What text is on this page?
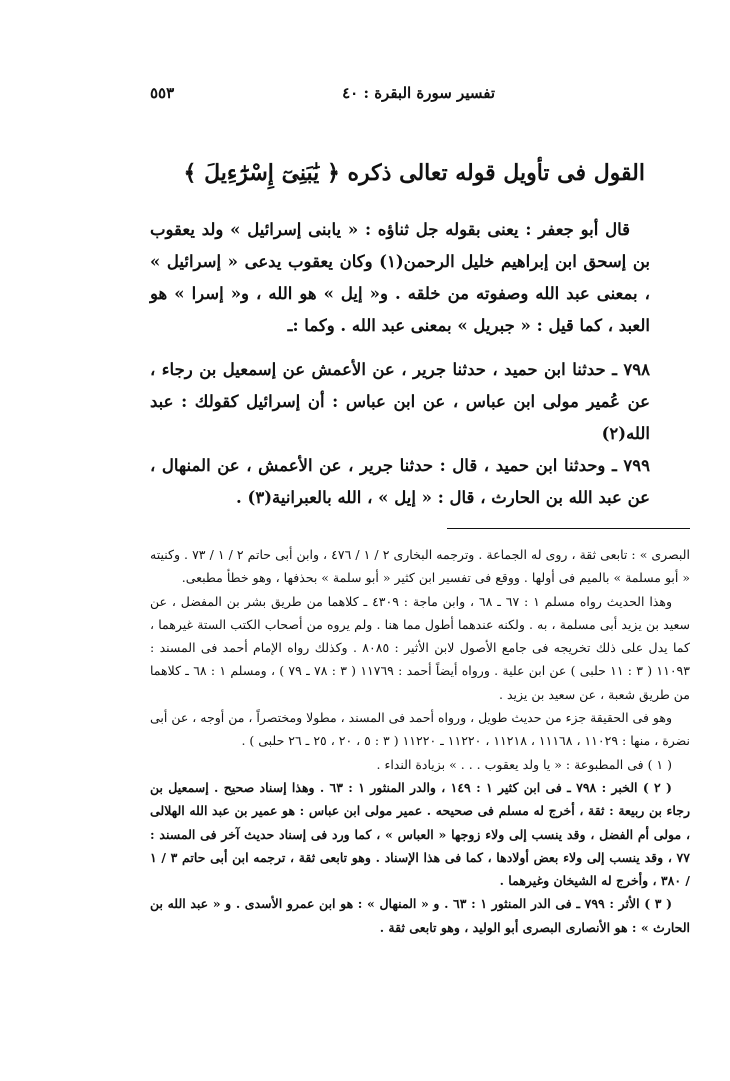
تفسير سورة البقرة : ٤٠
٥٥٣
القول فى تأويل قوله تعالى ذكره ﴿ يَٰبَنِىٓ إِسْرَٰٓءِيلَ ﴾

قال أبو جعفر : يعنى بقوله جل ثناؤه : « يابنى إسرائيل » ولد يعقوب بن إسحق ابن إبراهيم خليل الرحمن(١) وكان يعقوب يدعى « إسرائيل » ، بمعنى عبد الله وصفوته من خلقه . و« إيل » هو الله ، و« إسرا » هو العبد ، كما قيل : « جبريل » بمعنى عبد الله . وكما :ـ

٧٩٨ ـ حدثنا ابن حميد ، حدثنا جرير ، عن الأعمش عن إسمعيل بن رجاء ، عن عُمير مولى ابن عباس ، عن ابن عباس : أن إسرائيل كقولك : عبد الله(٢)

٧٩٩ ـ وحدثنا ابن حميد ، قال : حدثنا جرير ، عن الأعمش ، عن المنهال ، عن عبد الله بن الحارث ، قال : « إيل » ، الله بالعبرانية(٣) .

البصرى » : تابعى ثقة ، روى له الجماعة . وترجمه البخارى ٢ / ١ / ٤٧٦ ، وابن أبى حاتم ٢ / ١ / ٧٣ . وكنيته « أبو مسلمة » بالميم فى أولها . ووقع فى تفسير ابن كثير « أبو سلمة » بحذفها ، وهو خطأ مطبعى.

وهذا الحديث رواه مسلم ١ : ٦٧ ـ ٦٨ ، وابن ماجة : ٤٣٠٩ ـ كلاهما من طريق بشر بن المفضل ، عن سعيد بن يزيد أبى مسلمة ، به . ولكنه عندهما أطول مما هنا . ولم يروه من أصحاب الكتب الستة غيرهما ، كما يدل على ذلك تخريجه فى جامع الأصول لابن الأثير : ٨٠٨٥ . وكذلك رواه الإمام أحمد فى المسند : ١١٠٩٣ ( ٣ : ١١ حلبى ) عن ابن علية . ورواه أيضاً أحمد : ١١٧٦٩ ( ٣ : ٧٨ ـ ٧٩ ) ، ومسلم ١ : ٦٨ ـ كلاهما من طريق شعبة ، عن سعيد بن يزيد .

وهو فى الحقيقة جزء من حديث طويل ، ورواه أحمد فى المسند ، مطولا ومختصراً ، من أوجه ، عن أبى نضرة ، منها : ١١٠٢٩ ، ١١١٦٨ ، ١١٢١٨ ، ١١٢٢٠ ـ ١١٢٢٠ ( ٣ : ٥ ، ٢٠ ، ٢٥ ـ ٢٦ حلبى ) .

( ١ ) فى المطبوعة : « يا ولد يعقوب . . . » بزيادة النداء .

( ٢ ) الخبر : ٧٩٨ ـ فى ابن كثير ١ : ١٤٩ ، والدر المنثور ١ : ٦٣ . وهذا إسناد صحيح . إسمعيل بن رجاء بن ربيعة : ثقة ، أخرج له مسلم فى صحيحه . عمير مولى ابن عباس : هو عمير بن عبد الله الهلالى ، مولى أم الفضل ، وقد ينسب إلى ولاء زوجها « العباس » ، كما ورد فى إسناد حديث آخر فى المسند : ٧٧ ، وقد ينسب إلى ولاء بعض أولادها ، كما فى هذا الإسناد . وهو تابعى ثقة ، ترجمه ابن أبى حاتم ٣ / ١ / ٣٨٠ ، وأخرج له الشيخان وغيرهما .

( ٣ ) الأثر : ٧٩٩ ـ فى الدر المنثور ١ : ٦٣ . و « المنهال » : هو ابن عمرو الأسدى . و « عبد الله بن الحارث » : هو الأنصارى البصرى أبو الوليد ، وهو تابعى ثقة .
